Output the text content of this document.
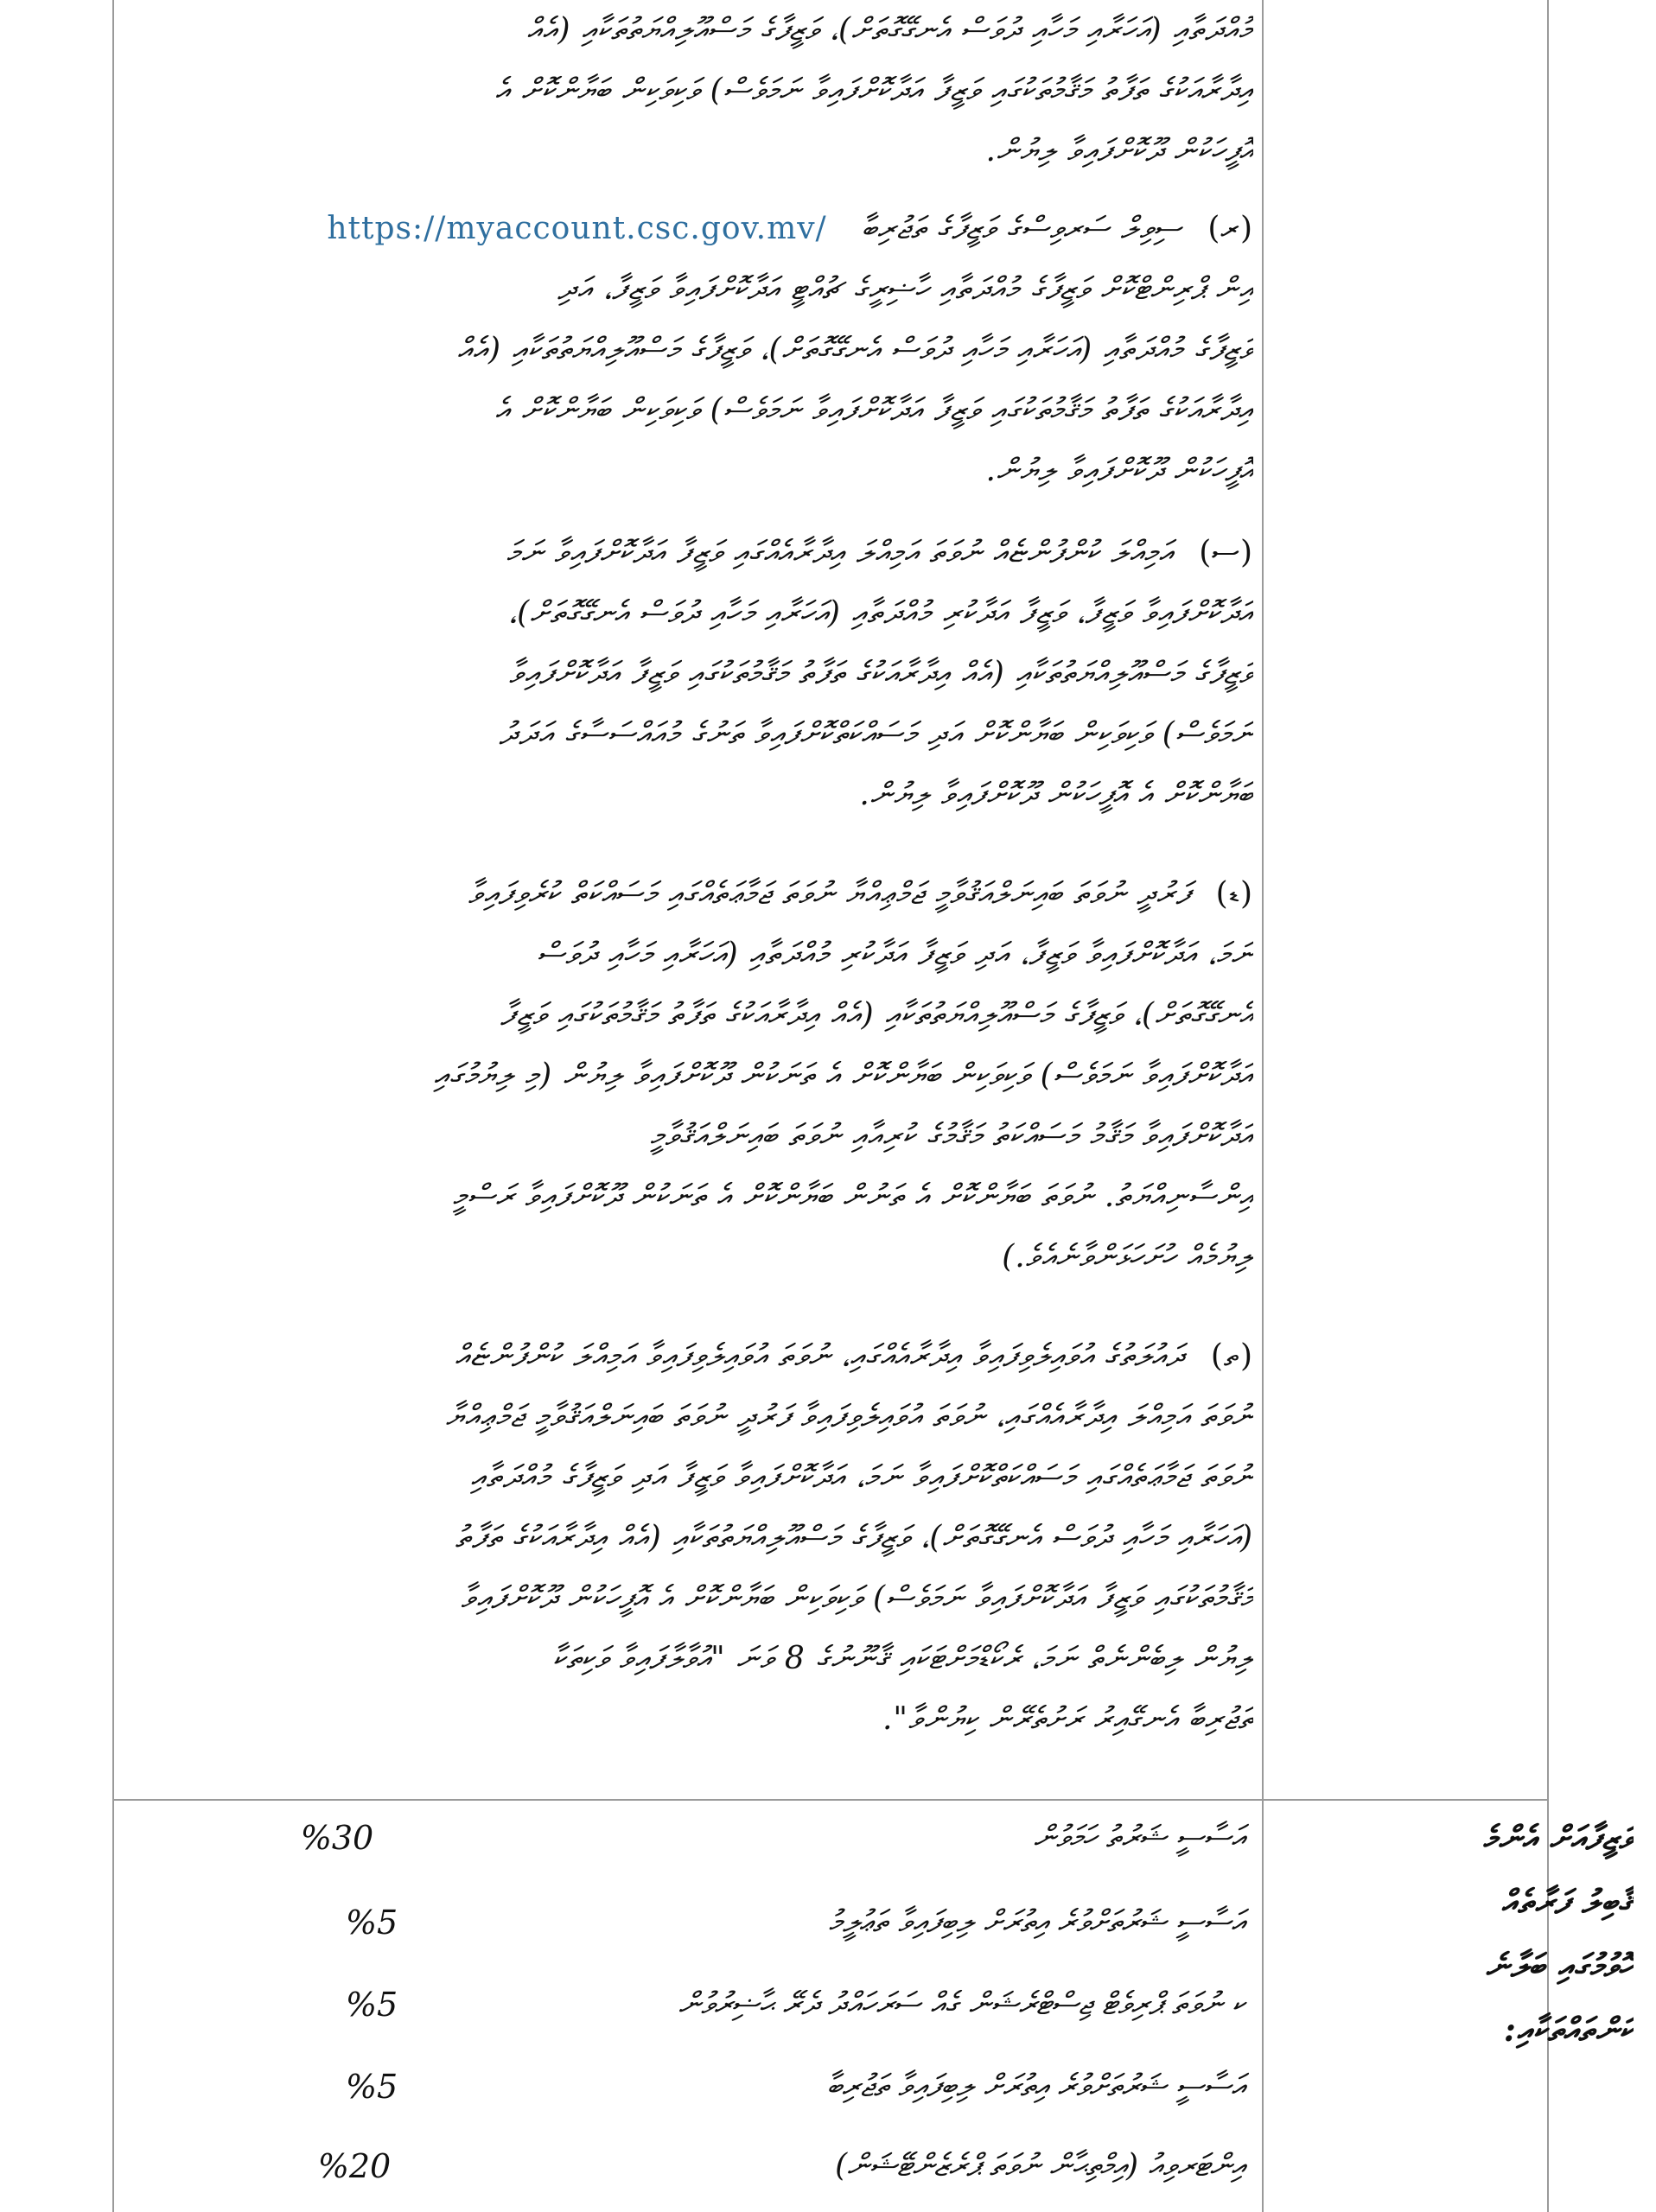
މުއްދަތާއި (އަހަރާއި މަހާއި ދުވަސް އެނގޭގޮތަށް)، ވަޒީފާގެ މަސްއޫލިއްޔަތުތަކާއި (އެއް
އިދާރާއަކުގެ ތަފާތު މަޤާމުތަކުގައި ވަޒީފާ އަދާކޮށްފައިވާ ނަމަވެސް) ވަކިވަކިން ބަޔާންކޮށް އެ
އޮފީހަކުން ދޫކޮށްފައިވާ ލިޔުން.
(ރ)ސިވިލް ސަރވިސްގެ ވަޒީފާގެ ތަޖުރިބާhttps://myaccount.csc.gov.mv/
އިން ޕްރިންޓްކޮށް ވަޒީފާގެ މުއްދަތާއި ހާޟިރީގެ ޗުއްޓީ އަދާކޮށްފައިވާ ވަޒީފާ، އަދި
ވަޒީފާގެ މުއްދަތާއި (އަހަރާއި މަހާއި ދުވަސް އެނގޭގޮތަށް)، ވަޒީފާގެ މަސްއޫލިއްޔަތުތަކާއި (އެއް
އިދާރާއަކުގެ ތަފާތު މަޤާމުތަކުގައި ވަޒީފާ އަދާކޮށްފައިވާ ނަމަވެސް) ވަކިވަކިން ބަޔާންކޮށް އެ
އޮފީހަކުން ދޫކޮށްފައިވާ ލިޔުން.
(ސ)އަމިއްލަ ކުންފުންޏެއް ނުވަތަ އަމިއްލަ އިދާރާއެއްގައި ވަޒީފާ އަދާކޮށްފައިވާ ނަމަ
އަދާކޮށްފައިވާ ވަޒީފާ، ވަޒީފާ އަދާކުރި މުއްދަތާއި (އަހަރާއި މަހާއި ދުވަސް އެނގޭގޮތަށް)،
ވަޒީފާގެ މަސްއޫލިއްޔަތުތަކާއި (އެއް އިދާރާއަކުގެ ތަފާތު މަޤާމުތަކުގައި ވަޒީފާ އަދާކޮށްފައިވާ
ނަމަވެސް) ވަކިވަކިން ބަޔާންކޮށް އަދި މަސައްކަތްކޮށްފައިވާ ތަނުގެ މުއައްސަސާގެ އަދަދު
ބަޔާންކޮށް އެ އޮފީހަކުން ދޫކޮށްފައިވާ ލިޔުން.
(ޑ)ފަރުދީ ނުވަތަ ބައިނަލްއަޤުވާމީ ޖަމްޢިއްޔާ ނުވަތަ ޖަމާޢަތެއްގައި މަސައްކަތް ކުރެވިފައިވާ
ނަމަ، އަދާކޮށްފައިވާ ވަޒީފާ، އަދި ވަޒީފާ އަދާކުރި މުއްދަތާއި (އަހަރާއި މަހާއި ދުވަސް
އެނގޭގޮތަށް)، ވަޒީފާގެ މަސްއޫލިއްޔަތުތަކާއި (އެއް އިދާރާއަކުގެ ތަފާތު މަޤާމުތަކުގައި ވަޒީފާ
އަދާކޮށްފައިވާ ނަމަވެސް) ވަކިވަކިން ބަޔާންކޮށް އެ ތަނަކުން ދޫކޮށްފައިވާ ލިޔުން (މި ލިޔުމުގައި
އަދާކޮށްފައިވާ މަޤާމު މަސައްކަތު މަޤާމުގެ ކުރިއާއި ނުވަތަ ބައިނަލްއަޤުވާމީ
އިންސާނިއްޔަތު. ނުވަތަ ބަޔާންކޮށް އެ ތަނުން ބަޔާންކޮށް އެ ތަނަކުން ދޫކޮށްފައިވާ ރަސްމީ
ލިޔުމެއް ހުށަހަޅަންވާނެއެވެ.)
(ތ)ދައުލަތުގެ އުވައިލެވިފައިވާ އިދާރާއެއްގައި، ނުވަތަ އުވައިލެވިފައިވާ އަމިއްލަ ކުންފުންޏެއް
ނުވަތަ އަމިއްލަ އިދާރާއެއްގައި، ނުވަތަ އުވައިލެވިފައިވާ ފަރުދީ ނުވަތަ ބައިނަލްއަޤުވާމީ ޖަމްޢިއްޔާ
ނުވަތަ ޖަމާޢަތެއްގައި މަސައްކަތްކޮށްފައިވާ ނަމަ، އަދާކޮށްފައިވާ ވަޒީފާ އަދި ވަޒީފާގެ މުއްދަތާއި
(އަހަރާއި މަހާއި ދުވަސް އެނގޭގޮތަށް)، ވަޒީފާގެ މަސްއޫލިއްޔަތުތަކާއި (އެއް އިދާރާއަކުގެ ތަފާތު
މަޤާމުތަކުގައި ވަޒީފާ އަދާކޮށްފައިވާ ނަމަވެސް) ވަކިވަކިން ބަޔާންކޮށް އެ އޮފީހަކުން ދޫކޮށްފައިވާ
ލިޔުން ލިބެންނެތް ނަމަ، ރެކޯޑްމަށްޓަކައި ޤާނޫނުގެ 8 ވަނަ "އުވާލާފައިވާ ވަކިތަކާ
ތަޖުރިބާ އެނގޭއިރު ރަށުތެރޭން ކިޔުންވާ".
ވަޒީފާއަށް އެންމެ
ޤާބިލު ފަރާތެއް
ހޮވުމުގައި ބަލާނެ
ކަންތައްތަކާއި:
އަސާސީ ޝަރުތު ހަމަވުން
%30
އަސާސީ ޝަރުތަށްވުރެ އިތުރަށް ލިބިފައިވާ ތަޢުލީމު
%5
ކ ނުވަތަ ޕްރިވެޓް ޖިސްޓްރެޝަން ގެއް ސަރަހައްދު ދެރޭ ޙާޟިރުވުން
%5
އަސާސީ ޝަރުތަށްވުރެ އިތުރަށް ލިބިފައިވާ ތަޖުރިބާ
%5
އިންޓަރވިއު (އިމްތިޙާން ނުވަތަ ޕްރެޒެންޓޭޝަން)
%20
